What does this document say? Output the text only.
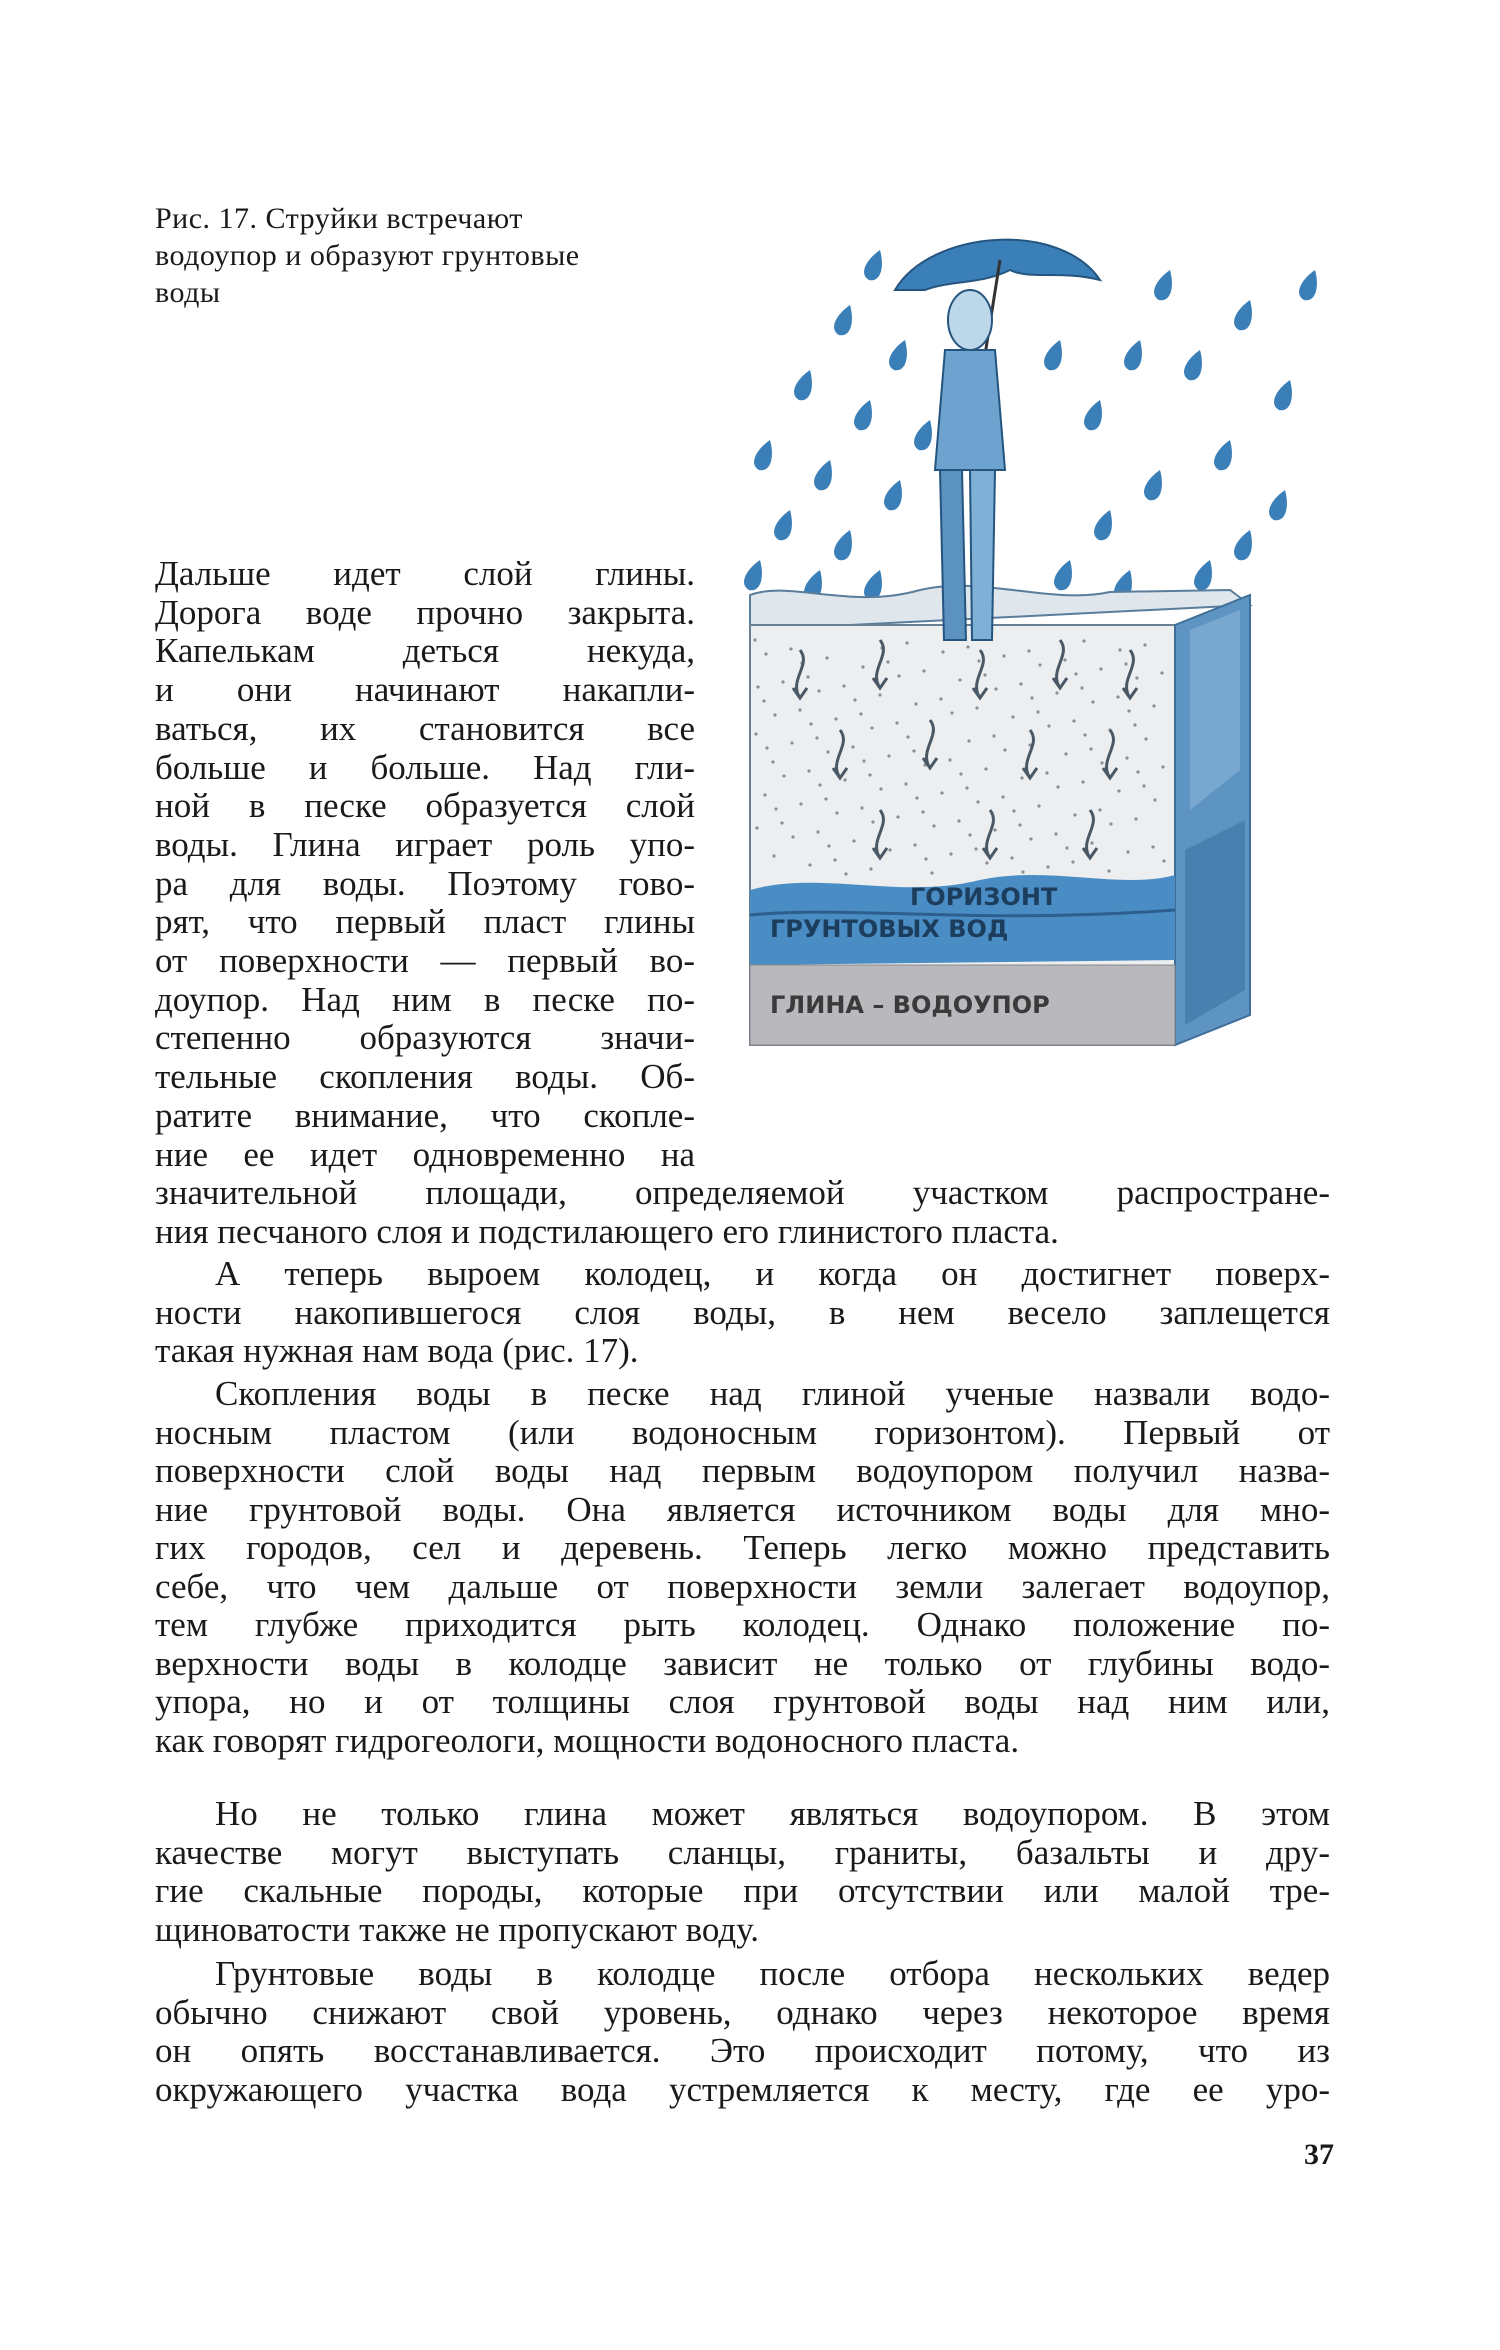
Рис. 17. Струйки встречают
водоупор и образуют грунтовые
воды
ГОРИЗОНТ
ГРУНТОВЫХ ВОД
ГЛИНА – ВОДОУПОР
Дальше идет слой глины.
Дорога воде прочно закрыта.
Капелькам деться некуда,
и они начинают накапли-
ваться, их становится все
больше и больше. Над гли-
ной в песке образуется слой
воды. Глина играет роль упо-
ра для воды. Поэтому гово-
рят, что первый пласт глины
от поверхности — первый во-
доупор. Над ним в песке по-
степенно образуются значи-
тельные скопления воды. Об-
ратите внимание, что скопле-
ние ее идет одновременно на
значительной площади, определяемой участком распростране-
ния песчаного слоя и подстилающего его глинистого пласта.
А теперь выроем колодец, и когда он достигнет поверх-
ности накопившегося слоя воды, в нем весело заплещется
такая нужная нам вода (рис. 17).
Скопления воды в песке над глиной ученые назвали водо-
носным пластом (или водоносным горизонтом). Первый от
поверхности слой воды над первым водоупором получил назва-
ние грунтовой воды. Она является источником воды для мно-
гих городов, сел и деревень. Теперь легко можно представить
себе, что чем дальше от поверхности земли залегает водоупор,
тем глубже приходится рыть колодец. Однако положение по-
верхности воды в колодце зависит не только от глубины водо-
упора, но и от толщины слоя грунтовой воды над ним или,
как говорят гидрогеологи, мощности водоносного пласта.
Но не только глина может являться водоупором. В этом
качестве могут выступать сланцы, граниты, базальты и дру-
гие скальные породы, которые при отсутствии или малой тре-
щиноватости также не пропускают воду.
Грунтовые воды в колодце после отбора нескольких ведер
обычно снижают свой уровень, однако через некоторое время
он опять восстанавливается. Это происходит потому, что из
окружающего участка вода устремляется к месту, где ее уро-
37
